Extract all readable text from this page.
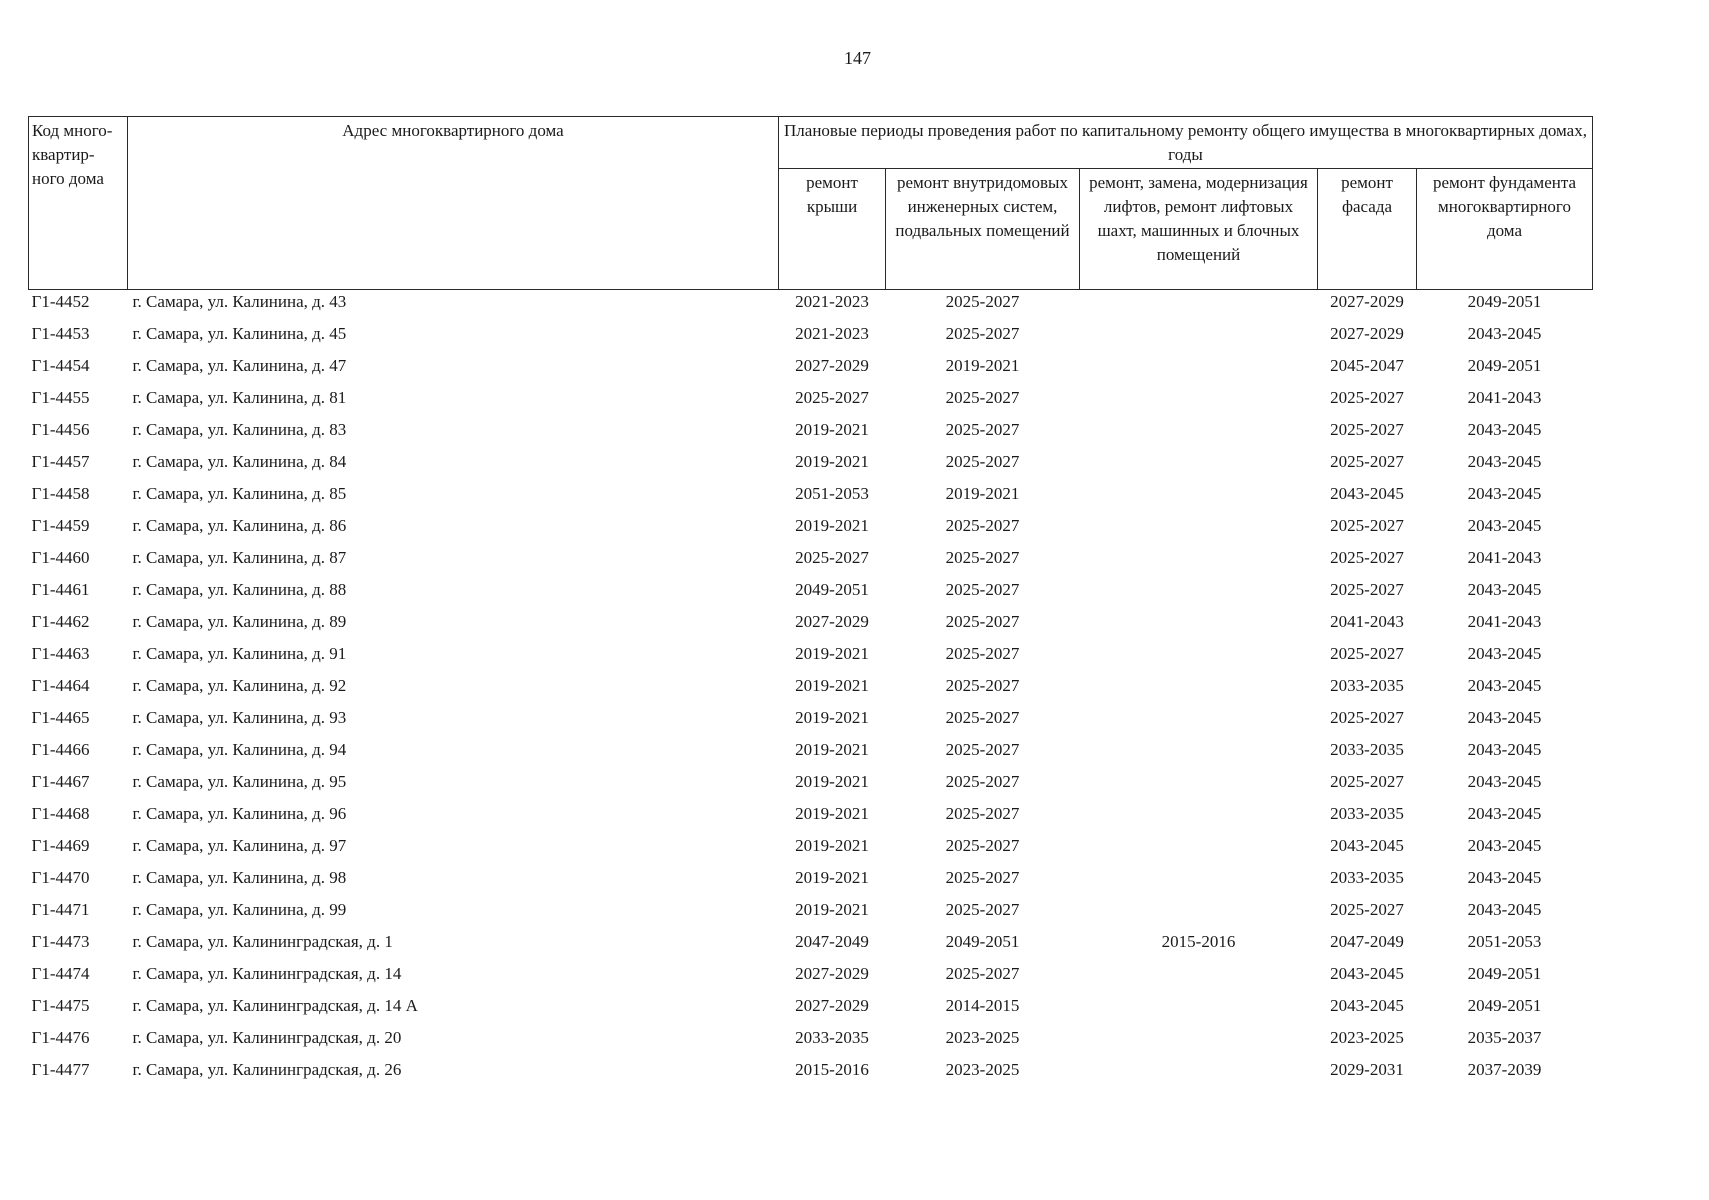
147
Код много-квартир-ного дома	Адрес многоквартирного дома	Плановые периоды проведения работ по капитальному ремонту общего имущества в многоквартирных домах, годы				
		ремонт крыши	ремонт внутридомовых инженерных систем, подвальных помещений	ремонт, замена, модернизация лифтов, ремонт лифтовых шахт, машинных и блочных помещений	ремонт фасада	ремонт фундамента многоквартирного дома
Г1-4452	г. Самара, ул. Калинина, д. 43	2021-2023	2025-2027		2027-2029	2049-2051
Г1-4453	г. Самара, ул. Калинина, д. 45	2021-2023	2025-2027		2027-2029	2043-2045
Г1-4454	г. Самара, ул. Калинина, д. 47	2027-2029	2019-2021		2045-2047	2049-2051
Г1-4455	г. Самара, ул. Калинина, д. 81	2025-2027	2025-2027		2025-2027	2041-2043
Г1-4456	г. Самара, ул. Калинина, д. 83	2019-2021	2025-2027		2025-2027	2043-2045
Г1-4457	г. Самара, ул. Калинина, д. 84	2019-2021	2025-2027		2025-2027	2043-2045
Г1-4458	г. Самара, ул. Калинина, д. 85	2051-2053	2019-2021		2043-2045	2043-2045
Г1-4459	г. Самара, ул. Калинина, д. 86	2019-2021	2025-2027		2025-2027	2043-2045
Г1-4460	г. Самара, ул. Калинина, д. 87	2025-2027	2025-2027		2025-2027	2041-2043
Г1-4461	г. Самара, ул. Калинина, д. 88	2049-2051	2025-2027		2025-2027	2043-2045
Г1-4462	г. Самара, ул. Калинина, д. 89	2027-2029	2025-2027		2041-2043	2041-2043
Г1-4463	г. Самара, ул. Калинина, д. 91	2019-2021	2025-2027		2025-2027	2043-2045
Г1-4464	г. Самара, ул. Калинина, д. 92	2019-2021	2025-2027		2033-2035	2043-2045
Г1-4465	г. Самара, ул. Калинина, д. 93	2019-2021	2025-2027		2025-2027	2043-2045
Г1-4466	г. Самара, ул. Калинина, д. 94	2019-2021	2025-2027		2033-2035	2043-2045
Г1-4467	г. Самара, ул. Калинина, д. 95	2019-2021	2025-2027		2025-2027	2043-2045
Г1-4468	г. Самара, ул. Калинина, д. 96	2019-2021	2025-2027		2033-2035	2043-2045
Г1-4469	г. Самара, ул. Калинина, д. 97	2019-2021	2025-2027		2043-2045	2043-2045
Г1-4470	г. Самара, ул. Калинина, д. 98	2019-2021	2025-2027		2033-2035	2043-2045
Г1-4471	г. Самара, ул. Калинина, д. 99	2019-2021	2025-2027		2025-2027	2043-2045
Г1-4473	г. Самара, ул. Калининградская, д. 1	2047-2049	2049-2051	2015-2016	2047-2049	2051-2053
Г1-4474	г. Самара, ул. Калининградская, д. 14	2027-2029	2025-2027		2043-2045	2049-2051
Г1-4475	г. Самара, ул. Калининградская, д. 14 А	2027-2029	2014-2015		2043-2045	2049-2051
Г1-4476	г. Самара, ул. Калининградская, д. 20	2033-2035	2023-2025		2023-2025	2035-2037
Г1-4477	г. Самара, ул. Калининградская, д. 26	2015-2016	2023-2025		2029-2031	2037-2039
